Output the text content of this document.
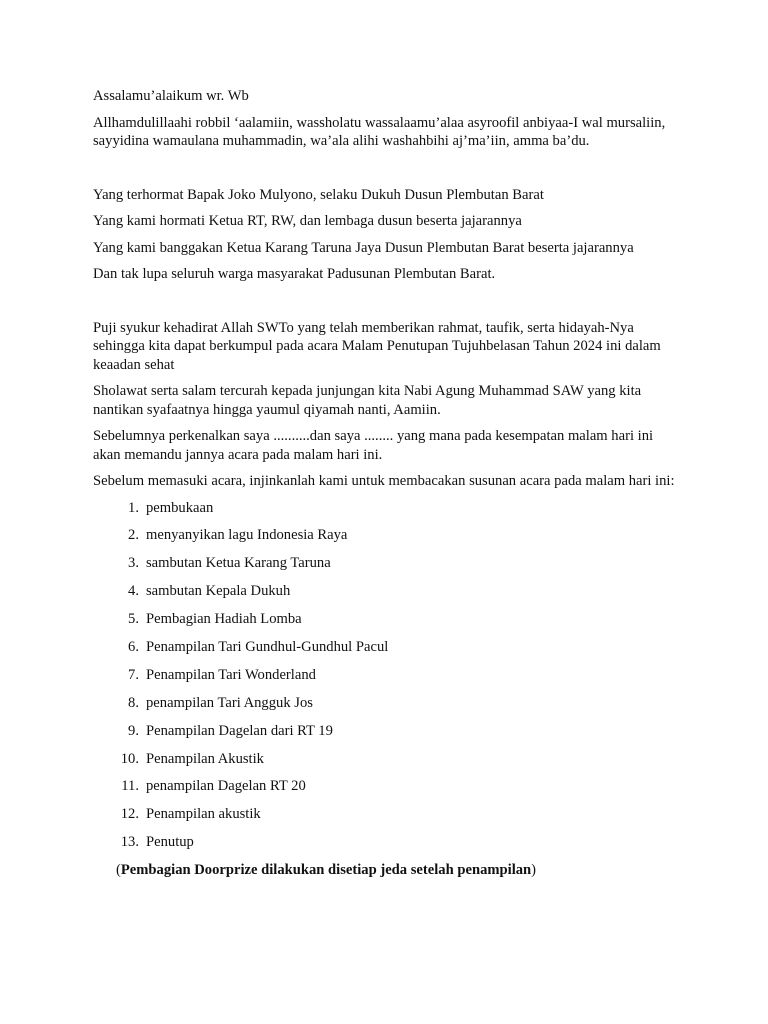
Assalamu’alaikum wr. Wb

Allhamdulillaahi robbil ‘aalamiin, wassholatu wassalaamu’alaa asyroofil anbiyaa-I wal mursaliin, sayyidina wamaulana muhammadin, wa’ala alihi washahbihi aj’ma’iin, amma ba’du.

Yang terhormat Bapak Joko Mulyono, selaku Dukuh Dusun Plembutan Barat

Yang kami hormati Ketua RT, RW, dan lembaga dusun beserta jajarannya

Yang kami banggakan Ketua Karang Taruna Jaya Dusun Plembutan Barat beserta jajarannya

Dan tak lupa seluruh warga masyarakat Padusunan Plembutan Barat.

Puji syukur kehadirat Allah SWTo yang telah memberikan rahmat, taufik, serta hidayah-Nya sehingga kita dapat berkumpul pada acara Malam Penutupan Tujuhbelasan Tahun 2024 ini dalam keaadan sehat

Sholawat serta salam tercurah kepada junjungan kita Nabi Agung Muhammad SAW yang kita nantikan syafaatnya hingga yaumul qiyamah nanti, Aamiin.

Sebelumnya perkenalkan saya ..........dan saya ........ yang mana pada kesempatan malam hari ini akan memandu jannya acara pada malam hari ini.

Sebelum memasuki acara, injinkanlah kami untuk membacakan susunan acara pada malam hari ini:

1. pembukaan
2. menyanyikan lagu Indonesia Raya
3. sambutan Ketua Karang Taruna
4. sambutan Kepala Dukuh
5. Pembagian Hadiah Lomba
6. Penampilan Tari Gundhul-Gundhul Pacul
7. Penampilan Tari Wonderland
8. penampilan Tari Angguk Jos
9. Penampilan Dagelan dari RT 19
10. Penampilan Akustik
11. penampilan Dagelan RT 20
12. Penampilan akustik
13. Penutup
(Pembagian Doorprize dilakukan disetiap jeda setelah penampilan)
